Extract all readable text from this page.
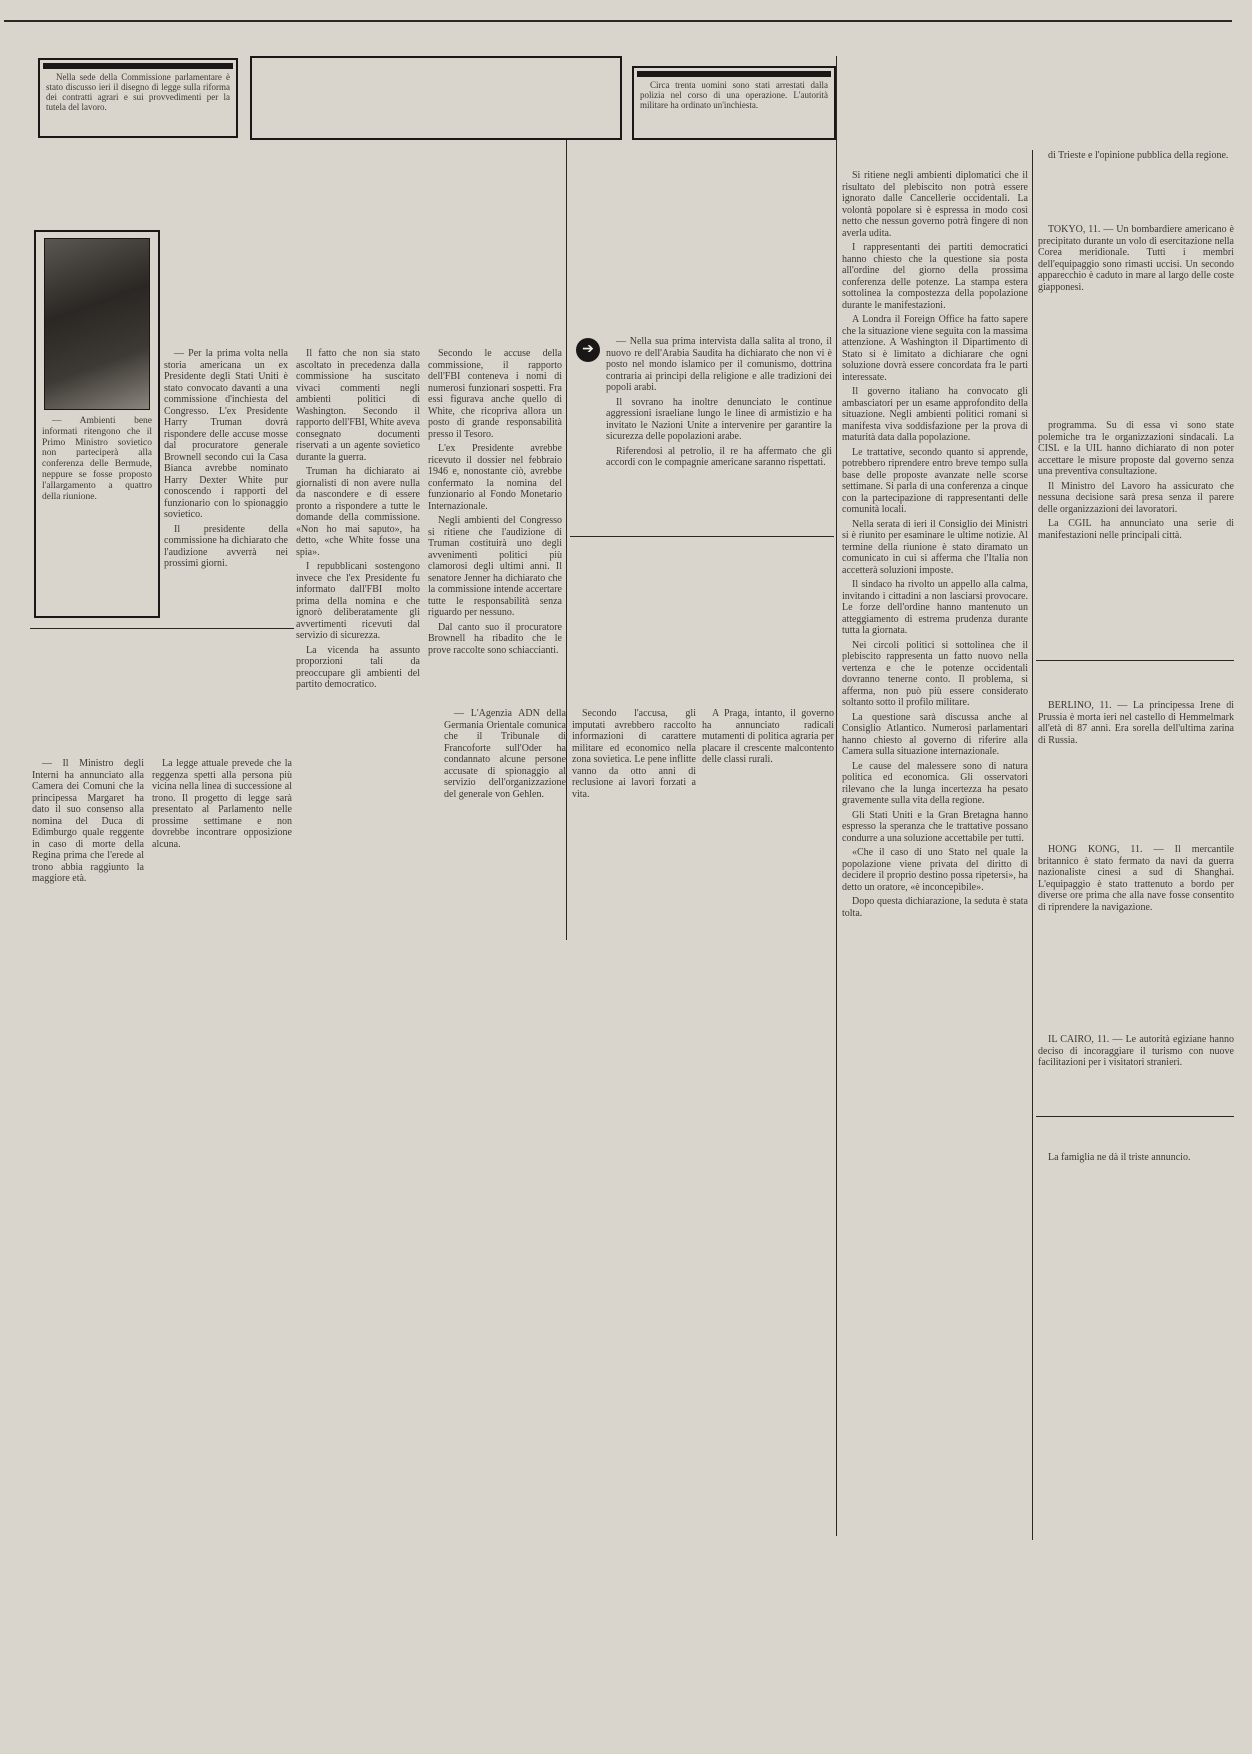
Nella sede della Commissione parlamentare è stato discusso ieri il disegno di legge sulla riforma dei contratti agrari e sui provvedimenti per la tutela del lavoro.

Circa trenta uomini sono stati arrestati dalla polizia nel corso di una operazione. L'autorità militare ha ordinato un'inchiesta.

— Ambienti bene informati ritengono che il Primo Ministro sovietico non parteciperà alla conferenza delle Bermude, neppure se fosse proposto l'allargamento a quattro della riunione.

— Per la prima volta nella storia americana un ex Presidente degli Stati Uniti è stato convocato davanti a una commissione d'inchiesta del Congresso. L'ex Presidente Harry Truman dovrà rispondere delle accuse mosse dal procuratore generale Brownell secondo cui la Casa Bianca avrebbe nominato Harry Dexter White pur conoscendo i rapporti del funzionario con lo spionaggio sovietico.

Il presidente della commissione ha dichiarato che l'audizione avverrà nei prossimi giorni.

Il fatto che non sia stato ascoltato in precedenza dalla commissione ha suscitato vivaci commenti negli ambienti politici di Washington. Secondo il rapporto dell'FBI, White aveva consegnato documenti riservati a un agente sovietico durante la guerra.

Truman ha dichiarato ai giornalisti di non avere nulla da nascondere e di essere pronto a rispondere a tutte le domande della commissione. «Non ho mai saputo», ha detto, «che White fosse una spia».

I repubblicani sostengono invece che l'ex Presidente fu informato dall'FBI molto prima della nomina e che ignorò deliberatamente gli avvertimenti ricevuti dal servizio di sicurezza.

La vicenda ha assunto proporzioni tali da preoccupare gli ambienti del partito democratico.

Secondo le accuse della commissione, il rapporto dell'FBI conteneva i nomi di numerosi funzionari sospetti. Fra essi figurava anche quello di White, che ricopriva allora un posto di grande responsabilità presso il Tesoro.

L'ex Presidente avrebbe ricevuto il dossier nel febbraio 1946 e, nonostante ciò, avrebbe confermato la nomina del funzionario al Fondo Monetario Internazionale.

Negli ambienti del Congresso si ritiene che l'audizione di Truman costituirà uno degli avvenimenti politici più clamorosi degli ultimi anni. Il senatore Jenner ha dichiarato che la commissione intende accertare tutte le responsabilità senza riguardo per nessuno.

Dal canto suo il procuratore Brownell ha ribadito che le prove raccolte sono schiaccianti.

— Il Ministro degli Interni ha annunciato alla Camera dei Comuni che la principessa Margaret ha dato il suo consenso alla nomina del Duca di Edimburgo quale reggente in caso di morte della Regina prima che l'erede al trono abbia raggiunto la maggiore età.

La legge attuale prevede che la reggenza spetti alla persona più vicina nella linea di successione al trono. Il progetto di legge sarà presentato al Parlamento nelle prossime settimane e non dovrebbe incontrare opposizione alcuna.

➔

— Nella sua prima intervista dalla salita al trono, il nuovo re dell'Arabia Saudita ha dichiarato che non vi è posto nel mondo islamico per il comunismo, dottrina contraria ai principi della religione e alle tradizioni dei popoli arabi.

Il sovrano ha inoltre denunciato le continue aggressioni israeliane lungo le linee di armistizio e ha invitato le Nazioni Unite a intervenire per garantire la sicurezza delle popolazioni arabe.

Riferendosi al petrolio, il re ha affermato che gli accordi con le compagnie americane saranno rispettati.

— L'Agenzia ADN della Germania Orientale comunica che il Tribunale di Francoforte sull'Oder ha condannato alcune persone accusate di spionaggio al servizio dell'organizzazione del generale von Gehlen.

Secondo l'accusa, gli imputati avrebbero raccolto informazioni di carattere militare ed economico nella zona sovietica. Le pene inflitte vanno da otto anni di reclusione ai lavori forzati a vita.

A Praga, intanto, il governo ha annunciato radicali mutamenti di politica agraria per placare il crescente malcontento delle classi rurali.

Si ritiene negli ambienti diplomatici che il risultato del plebiscito non potrà essere ignorato dalle Cancellerie occidentali. La volontà popolare si è espressa in modo così netto che nessun governo potrà fingere di non averla udita.

I rappresentanti dei partiti democratici hanno chiesto che la questione sia posta all'ordine del giorno della prossima conferenza delle potenze. La stampa estera sottolinea la compostezza della popolazione durante le manifestazioni.

A Londra il Foreign Office ha fatto sapere che la situazione viene seguita con la massima attenzione. A Washington il Dipartimento di Stato si è limitato a dichiarare che ogni soluzione dovrà essere concordata fra le parti interessate.

Il governo italiano ha convocato gli ambasciatori per un esame approfondito della situazione. Negli ambienti politici romani si manifesta viva soddisfazione per la prova di maturità data dalla popolazione.

Le trattative, secondo quanto si apprende, potrebbero riprendere entro breve tempo sulla base delle proposte avanzate nelle scorse settimane. Si parla di una conferenza a cinque con la partecipazione di rappresentanti delle comunità locali.

Nella serata di ieri il Consiglio dei Ministri si è riunito per esaminare le ultime notizie. Al termine della riunione è stato diramato un comunicato in cui si afferma che l'Italia non accetterà soluzioni imposte.

Il sindaco ha rivolto un appello alla calma, invitando i cittadini a non lasciarsi provocare. Le forze dell'ordine hanno mantenuto un atteggiamento di estrema prudenza durante tutta la giornata.

Nei circoli politici si sottolinea che il plebiscito rappresenta un fatto nuovo nella vertenza e che le potenze occidentali dovranno tenerne conto. Il problema, si afferma, non può più essere considerato soltanto sotto il profilo militare.

La questione sarà discussa anche al Consiglio Atlantico. Numerosi parlamentari hanno chiesto al governo di riferire alla Camera sulla situazione internazionale.

Le cause del malessere sono di natura politica ed economica. Gli osservatori rilevano che la lunga incertezza ha pesato gravemente sulla vita della regione.

Gli Stati Uniti e la Gran Bretagna hanno espresso la speranza che le trattative possano condurre a una soluzione accettabile per tutti.

«Che il caso di uno Stato nel quale la popolazione viene privata del diritto di decidere il proprio destino possa ripetersi», ha detto un oratore, «è inconcepibile».

Dopo questa dichiarazione, la seduta è stata tolta.

di Trieste e l'opinione pubblica della regione.

TOKYO, 11. — Un bombardiere americano è precipitato durante un volo di esercitazione nella Corea meridionale. Tutti i membri dell'equipaggio sono rimasti uccisi. Un secondo apparecchio è caduto in mare al largo delle coste giapponesi.

programma. Su di essa vi sono state polemiche tra le organizzazioni sindacali. La CISL e la UIL hanno dichiarato di non poter accettare le misure proposte dal governo senza una preventiva consultazione.

Il Ministro del Lavoro ha assicurato che nessuna decisione sarà presa senza il parere delle organizzazioni dei lavoratori.

La CGIL ha annunciato una serie di manifestazioni nelle principali città.

BERLINO, 11. — La principessa Irene di Prussia è morta ieri nel castello di Hemmelmark all'età di 87 anni. Era sorella dell'ultima zarina di Russia.

HONG KONG, 11. — Il mercantile britannico è stato fermato da navi da guerra nazionaliste cinesi a sud di Shanghai. L'equipaggio è stato trattenuto a bordo per diverse ore prima che alla nave fosse consentito di riprendere la navigazione.

IL CAIRO, 11. — Le autorità egiziane hanno deciso di incoraggiare il turismo con nuove facilitazioni per i visitatori stranieri.

La famiglia ne dà il triste annuncio.
